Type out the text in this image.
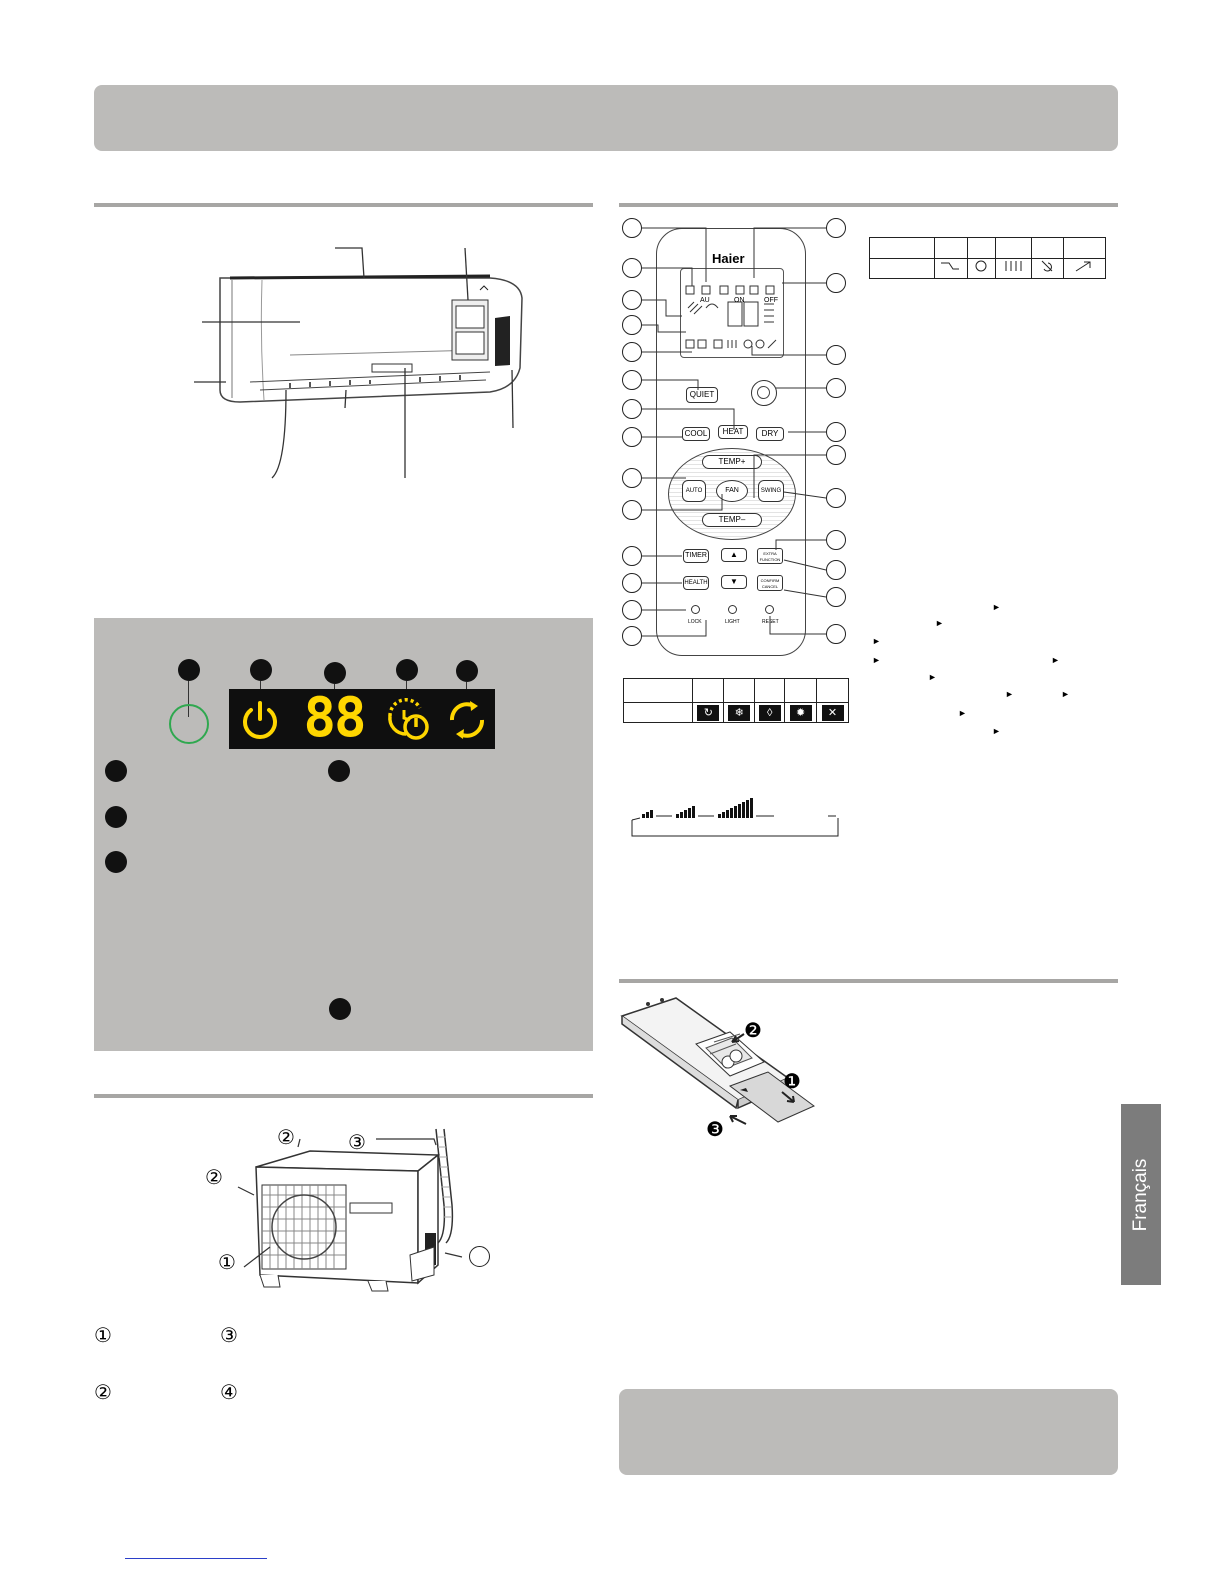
88
②
②
①
③
①	③
②	④
Haier
AU	ON	OFF
QUIET
COOL	HEAT	DRY
TEMP+
AUTO	FAN	SWING
TEMP–
TIMER	▲	EXTRA
FUNCTION
HEALTH	▼	CONFIRM
CANCEL
LOCK	LIGHT	RESET

	↻	❄	◊	✹	✕
►
►
►
►	►
►
►	►
►
►
❷
❶
❸
Français
